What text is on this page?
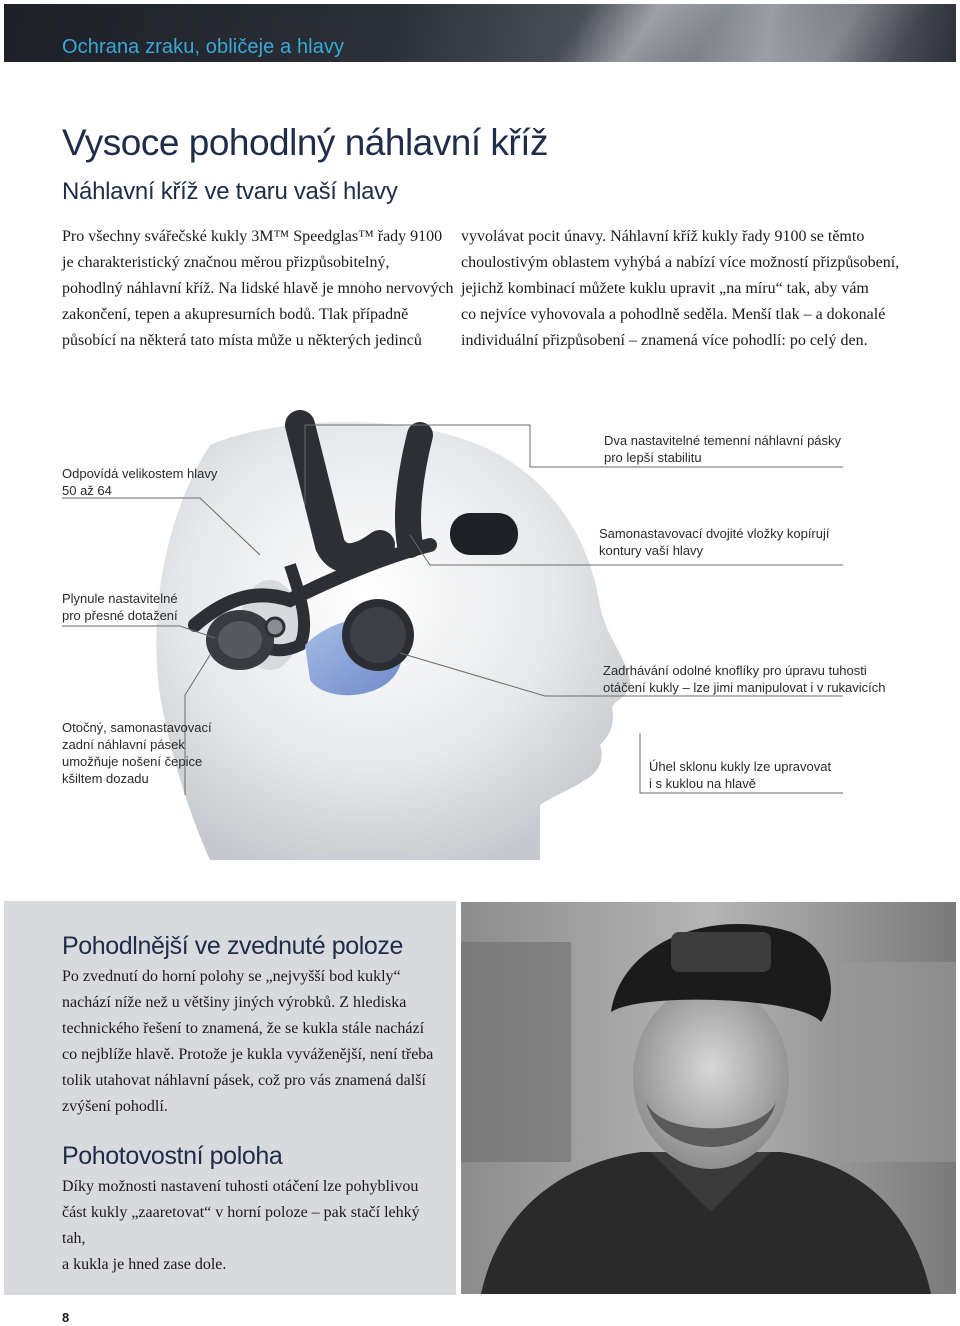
Ochrana zraku, obličeje a hlavy
Vysoce pohodlný náhlavní kříž
Náhlavní kříž ve tvaru vaší hlavy
Pro všechny svářečské kukly 3M™ Speedglas™ řady 9100
je charakteristický značnou měrou přizpůsobitelný,
pohodlný náhlavní kříž. Na lidské hlavě je mnoho nervových
zakončení, tepen a akupresurních bodů. Tlak případně
působící na některá tato místa může u některých jedinců
vyvolávat pocit únavy. Náhlavní kříž kukly řady 9100 se těmto
choulostivým oblastem vyhýbá a nabízí více možností přizpůsobení,
jejichž kombinací můžete kuklu upravit „na míru“ tak, aby vám
co nejvíce vyhovovala a pohodlně seděla. Menší tlak – a dokonalé
individuální přizpůsobení – znamená více pohodlí: po celý den.
Odpovídá velikostem hlavy
50 až 64
Dva nastavitelné temenní náhlavní pásky
pro lepší stabilitu
Samonastavovací dvojité vložky kopírují
kontury vaší hlavy
Plynule nastavitelné
pro přesné dotažení
Zadrhávání odolné knoflíky pro úpravu tuhosti
otáčení kukly – lze jimi manipulovat i v rukavicích
Otočný, samonastavovací
zadní náhlavní pásek
umožňuje nošení čepice
kšiltem dozadu
Úhel sklonu kukly lze upravovat
i s kuklou na hlavě
Pohodlnější ve zvednuté poloze
Po zvednutí do horní polohy se „nejvyšší bod kukly“
nachází níže než u většiny jiných výrobků. Z hlediska
technického řešení to znamená, že se kukla stále nachází
co nejblíže hlavě. Protože je kukla vyváženější, není třeba
tolik utahovat náhlavní pásek, což pro vás znamená další
zvýšení pohodlí.
Pohotovostní poloha
Díky možnosti nastavení tuhosti otáčení lze pohyblivou
část kukly „zaaretovat“ v horní poloze – pak stačí lehký tah,
a kukla je hned zase dole.
8
